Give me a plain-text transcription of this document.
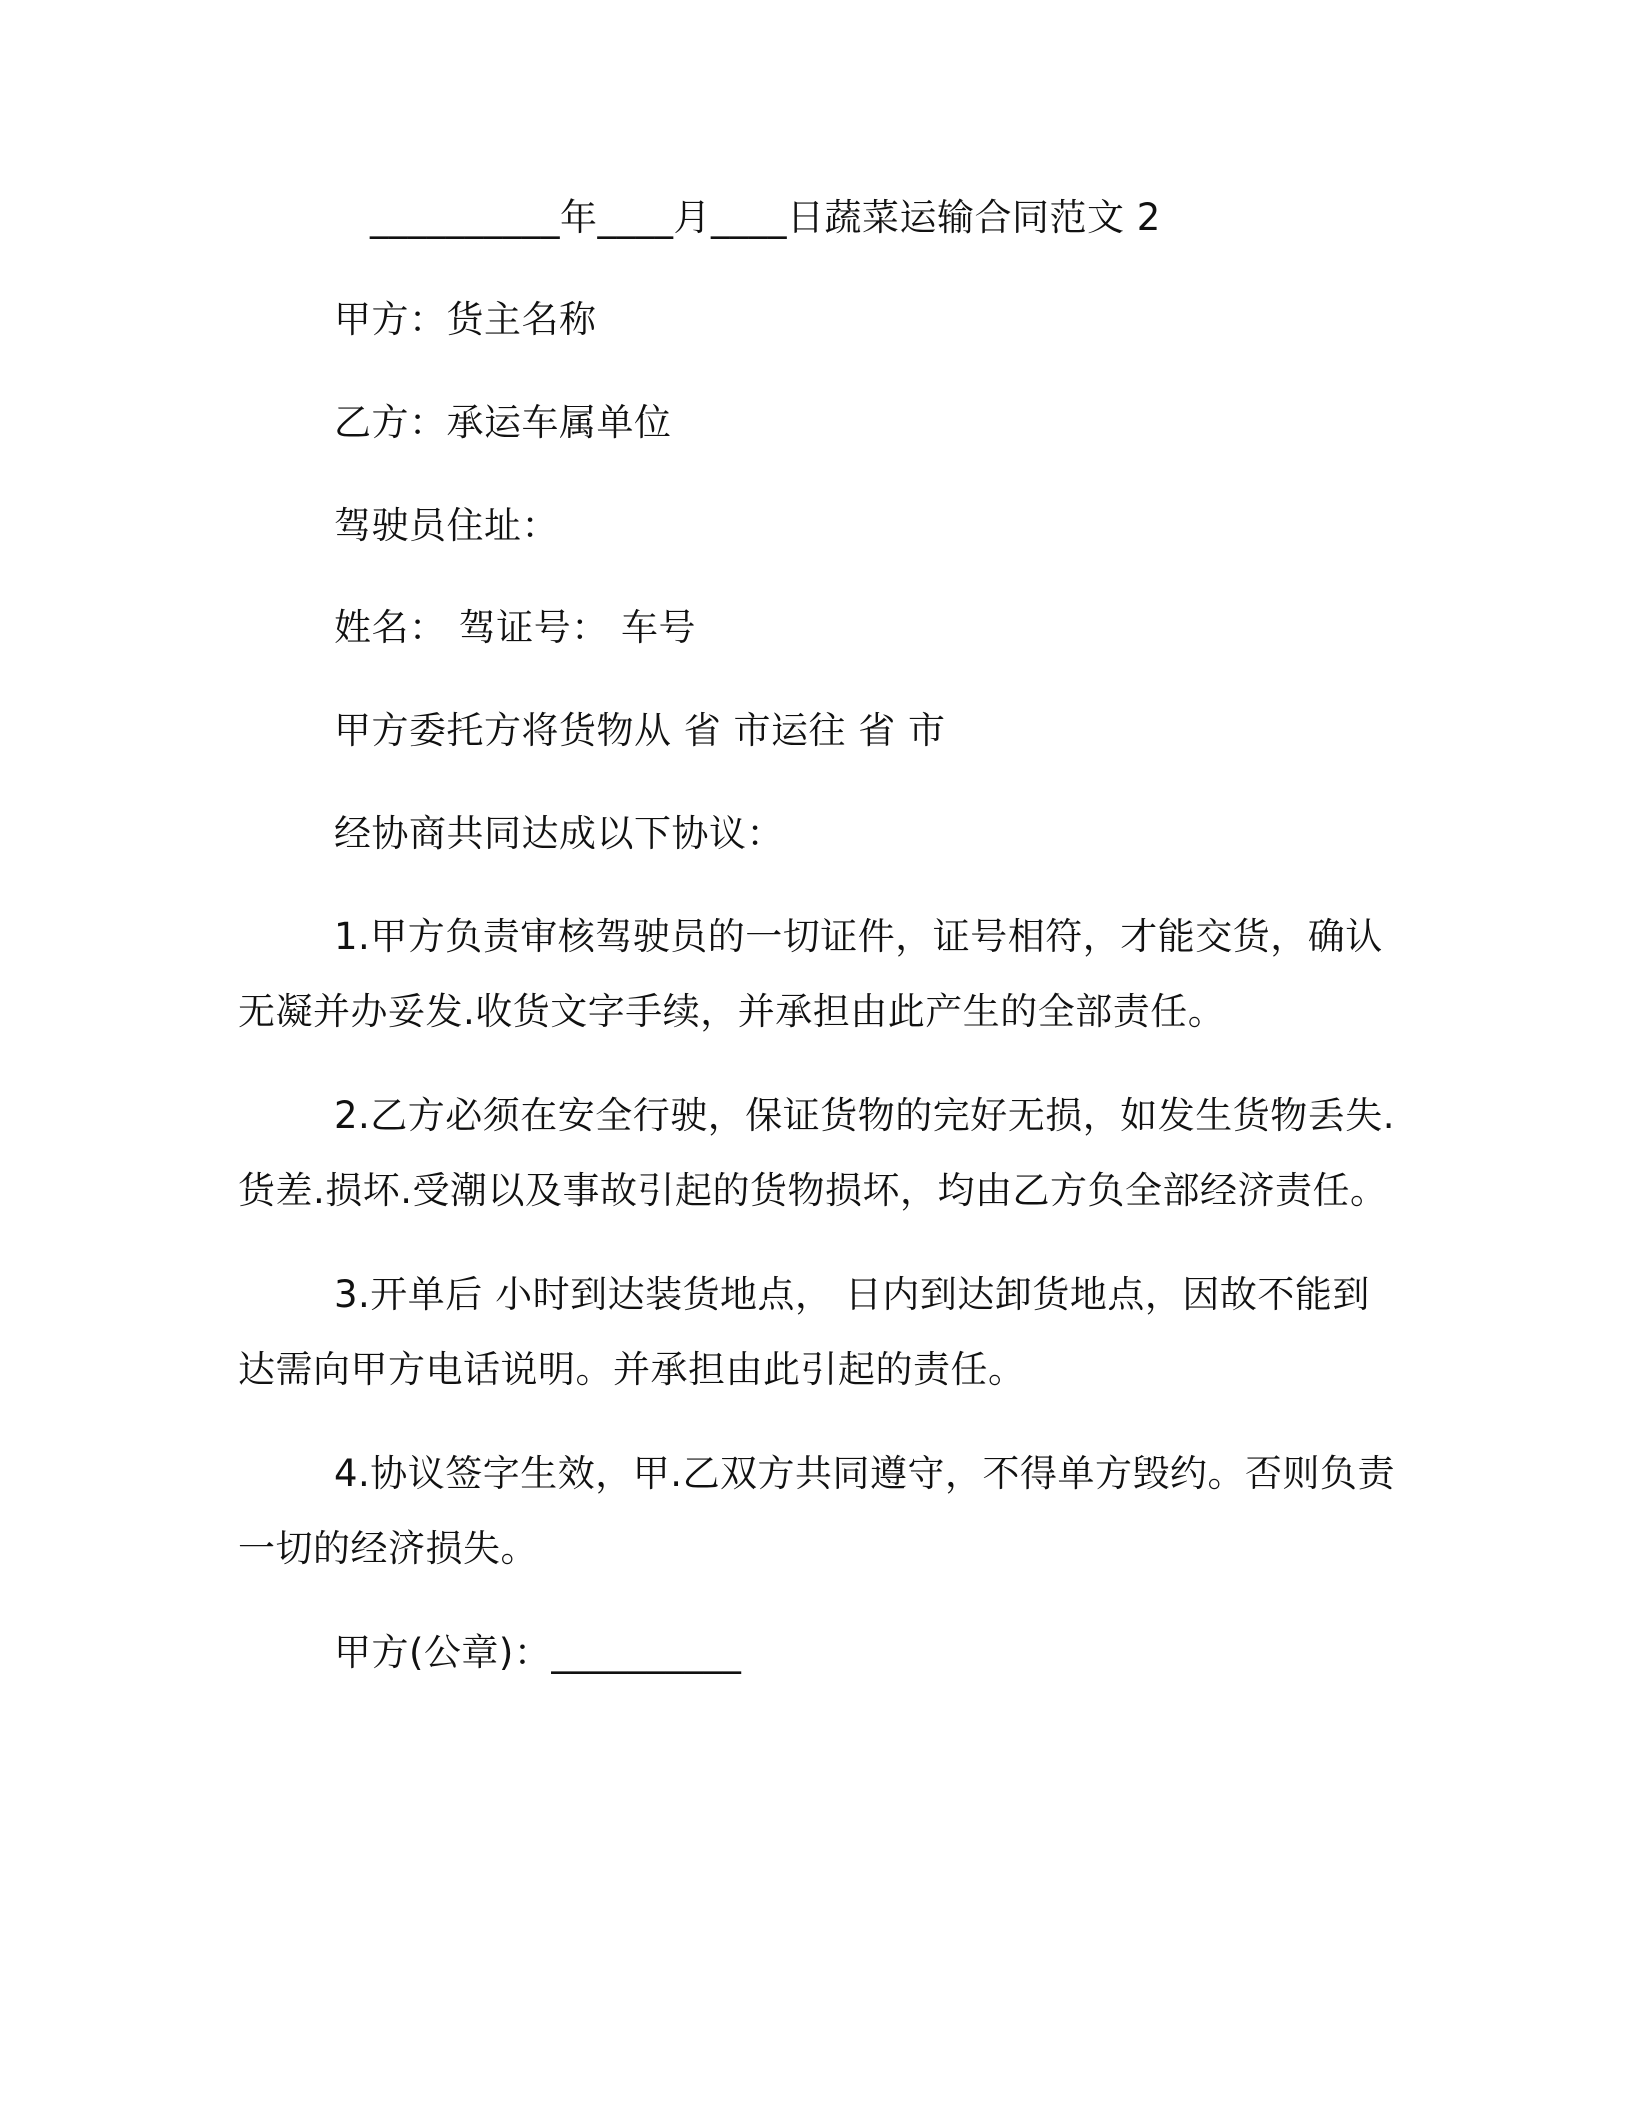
__________年____月____日蔬菜运输合同范文 2

甲方：货主名称

乙方：承运车属单位

驾驶员住址：

姓名： 驾证号： 车号

甲方委托方将货物从 省 市运往 省 市

经协商共同达成以下协议：

1.甲方负责审核驾驶员的一切证件，证号相符，才能交货，确认

无凝并办妥发.收货文字手续，并承担由此产生的全部责任。

2.乙方必须在安全行驶，保证货物的完好无损，如发生货物丢失.

货差.损坏.受潮以及事故引起的货物损坏，均由乙方负全部经济责任。

3.开单后 小时到达装货地点， 日内到达卸货地点，因故不能到

达需向甲方电话说明。并承担由此引起的责任。

4.协议签字生效，甲.乙双方共同遵守，不得单方毁约。否则负责

一切的经济损失。

甲方(公章)：__________
